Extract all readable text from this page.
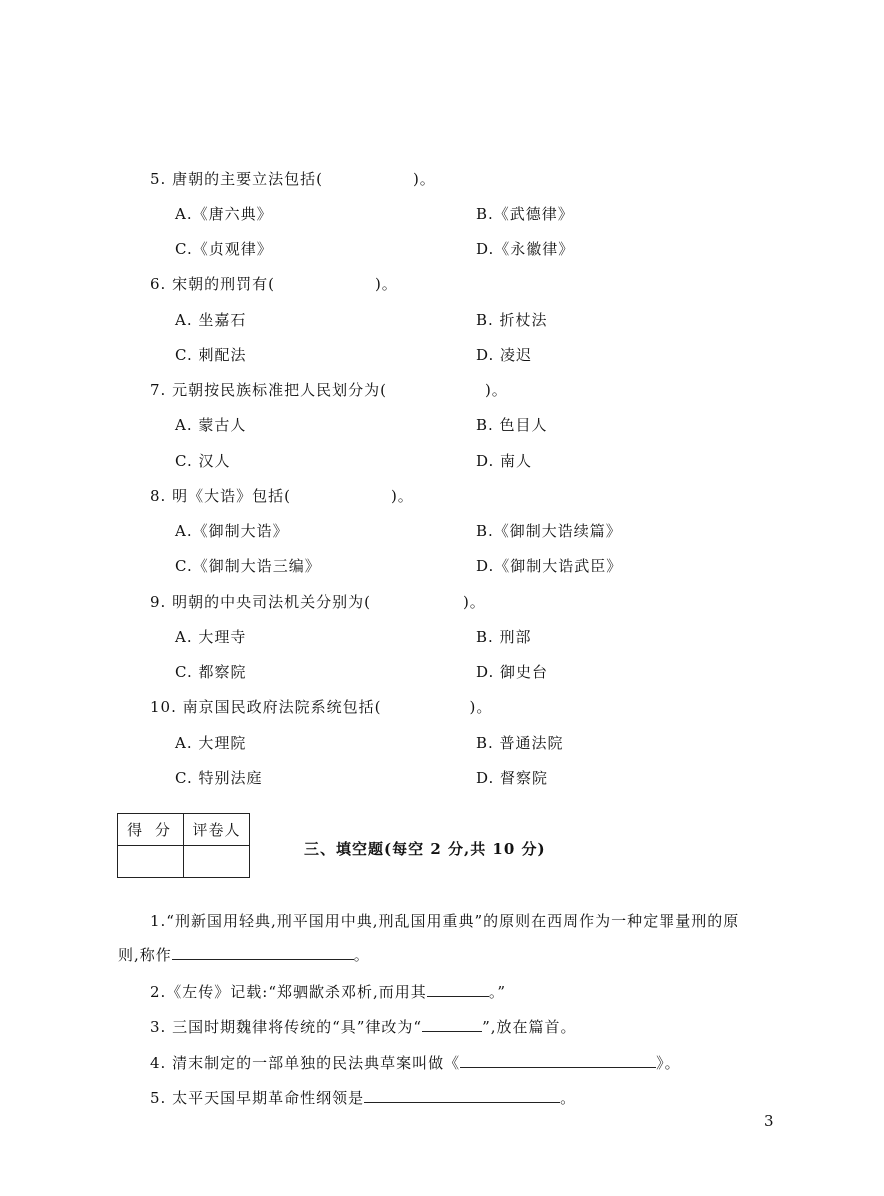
5. 唐朝的主要立法包括(	)。
A.《唐六典》	B.《武德律》
C.《贞观律》	D.《永徽律》
6. 宋朝的刑罚有(	)。
A. 坐嘉石	B. 折杖法
C. 刺配法	D. 凌迟
7. 元朝按民族标准把人民划分为(	)。
A. 蒙古人	B. 色目人
C. 汉人	D. 南人
8. 明《大诰》包括(	)。
A.《御制大诰》	B.《御制大诰续篇》
C.《御制大诰三编》	D.《御制大诰武臣》
9. 明朝的中央司法机关分别为(	)。
A. 大理寺	B. 刑部
C. 都察院	D. 御史台
10. 南京国民政府法院系统包括(	)。
A. 大理院	B. 普通法院
C. 特别法庭	D. 督察院
得 分	评卷人

三、填空题(每空 2 分,共 10 分)
1.“刑新国用轻典,刑平国用中典,刑乱国用重典”的原则在西周作为一种定罪量刑的原
则,称作	。
2.《左传》记载:“郑驷歂杀邓析,而用其	。”
3. 三国时期魏律将传统的“具”律改为“	”,放在篇首。
4. 清末制定的一部单独的民法典草案叫做《	》。
5. 太平天国早期革命性纲领是	。
3
